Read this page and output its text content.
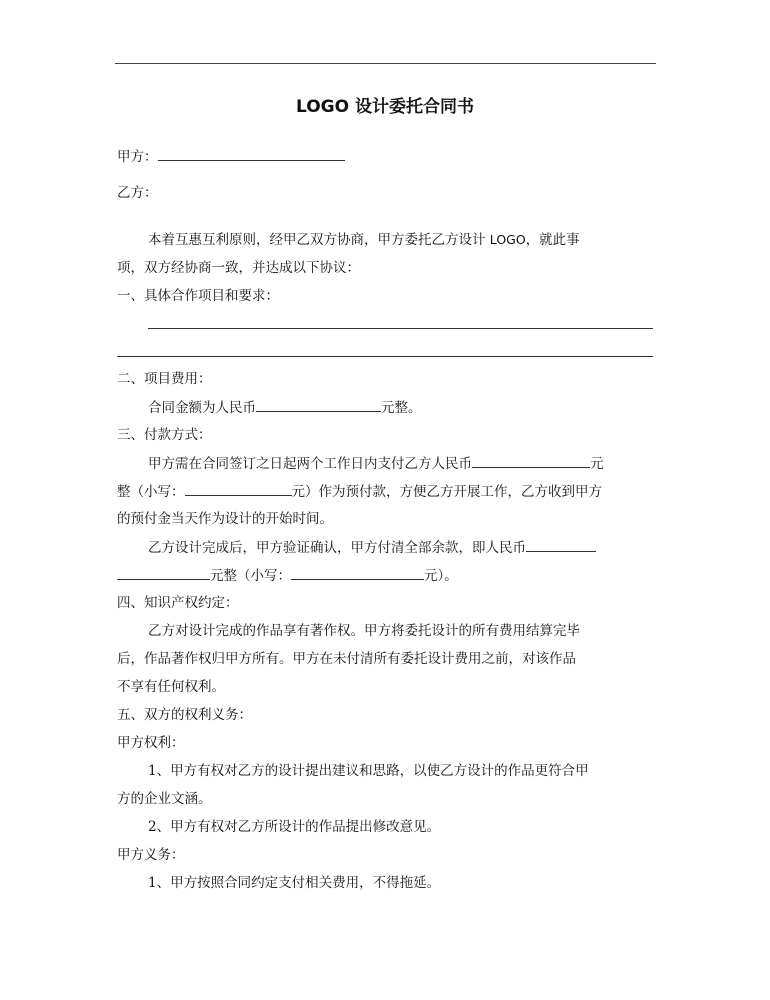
LOGO 设计委托合同书
甲方：
乙方：
本着互惠互利原则，经甲乙双方协商，甲方委托乙方设计 LOGO，就此事
项，双方经协商一致，并达成以下协议：
一、具体合作项目和要求：
二、项目费用：
合同金额为人民币	元整。
三、付款方式：
甲方需在合同签订之日起两个工作日内支付乙方人民币	元
整（小写：	元）作为预付款，方便乙方开展工作，乙方收到甲方
的预付金当天作为设计的开始时间。
乙方设计完成后，甲方验证确认，甲方付清全部余款，即人民币
元整（小写：	元）。
四、知识产权约定：
乙方对设计完成的作品享有著作权。甲方将委托设计的所有费用结算完毕
后，作品著作权归甲方所有。甲方在未付清所有委托设计费用之前，对该作品
不享有任何权利。
五、双方的权利义务：
甲方权利：
1、甲方有权对乙方的设计提出建议和思路，以使乙方设计的作品更符合甲
方的企业文涵。
2、甲方有权对乙方所设计的作品提出修改意见。
甲方义务：
1、甲方按照合同约定支付相关费用，不得拖延。
